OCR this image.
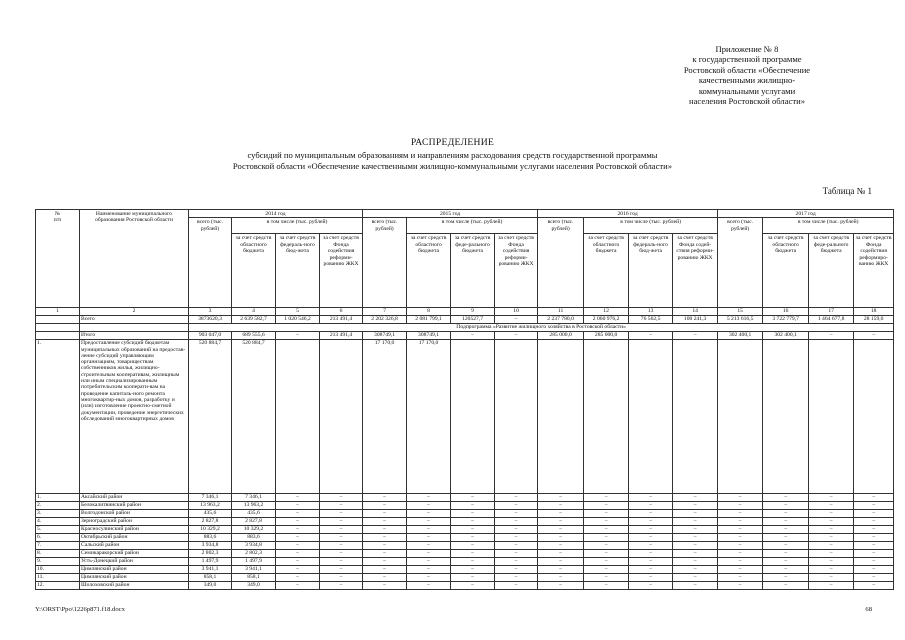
Приложение № 8
к государственной программе
Ростовской области «Обеспечение
качественными жилищно-
коммунальными услугами
населения Ростовской области»
РАСПРЕДЕЛЕНИЕ
субсидий по муниципальным образованиям и направлениям расходования средств государственной программы
Ростовской области «Обеспечение качественными жилищно-коммунальными услугами населения Ростовской области»
Таблица № 1
№
п/п	Наименование муниципального образования Ростовской области	2014 год				2015 год				2016 год				2017 год			
		всего (тыс. рублей)	в том числе (тыс. рублей)			всего (тыс. рублей)	в том числе (тыс. рублей)			всего (тыс. рублей)	в том числе (тыс. рублей)			всего (тыс. рублей)	в том числе (тыс. рублей)		
			за счет средств областного бюджета	за счет средств федераль-ного бюд-жета	за счет средств Фонда содействия реформи-рованию ЖКХ		за счет средств областного бюджета	за счет средств феде-рального бюджета	за счет средств Фонда содействия реформи-рованию ЖКХ		за счет средств областного бюджета	за счет средств федераль-ного бюд-жета	за счет средств Фонда содей-ствия реформи-рованию ЖКХ		за счет средств областного бюджета	за счет средств феде-рального бюджета	за счет средств Фонда содействия реформиро-ванию ЖКХ
1	2	3	4	5	6	7	8	9	10	11	12	13	14	15	16	17	18
	Всего	3873620,3	2 639 582,7	1 020 546,2	213 491,4	2 202 326,8	2 081 799,1	120527,7	–	2 237 780,0	2 060 976,2	76 562,5	100 241,3	5 213 616,5	3 722 779,7	1 464 677,8	28 159,0
		Подпрограмма «Развитие жилищного хозяйства в Ростовской области»															
	Итого	903 047,0	689 555,6	–	213 491,4	308749,1	308749,1	–	–	285 000,0	285 000,0	–	–	302 400,1	302 400,1	–	–
1.	Предоставление субсидий бюджетам муниципальных образований на предостав-ление субсидий управляющим организациям, товариществам собственников жилья, жилищно-строительным кооперативам, жилищным или иным специализированным потребительским кооперати-вам на проведение капиталь-ного ремонта многоквартир-ных домов, разработку и (или) изготовление проектно-сметной документации, проведение энергетических обследований многоквартирных домов	520 884,7	520 884,7			17 170,0	17 170,0										
1.	Аксайский район	7 346,1	7 346,1	–	–	–	–	–	–	–	–	–	–	–	–	–	–
2.	Белокалитвинский район	13 963,2	13 963,2	–	–	–	–	–	–	–	–	–	–	–	–	–	–
3.	Волгодонской район	435,6	435,6	–	–	–	–	–	–	–	–	–	–	–	–	–	–
4.	Зерноградский район	2 827,8	2 827,8	–	–	–	–	–	–	–	–	–	–	–	–	–	–
5.	Красносулинский район	10 329,2	10 329,2	–	–	–	–	–	–	–	–	–	–	–	–	–	–
6.	Октябрьский район	883,6	883,6	–	–	–	–	–	–	–	–	–	–	–	–	–	–
7.	Сальский район	3 934,8	3 934,8	–	–	–	–	–	–	–	–	–	–	–	–	–	–
8.	Семикаракорский район	2 802,3	2 802,3	–	–	–	–	–	–	–	–	–	–	–	–	–	–
9.	Усть-Донецкий район	1 497,9	1 497,9	–	–	–	–	–	–	–	–	–	–	–	–	–	–
10.	Цимлянский район	3 941,1	3 941,1	–	–	–	–	–	–	–	–	–	–	–	–	–	–
11.	Цимлянский район	858,1	858,1	–	–	–	–	–	–	–	–	–	–	–	–	–	–
12.	Шолоховский район	349,0	349,0	–	–	–	–	–	–	–	–	–	–	–	–	–	–
Y:\ORST\Ppo\1226p871.f18.docx	68
